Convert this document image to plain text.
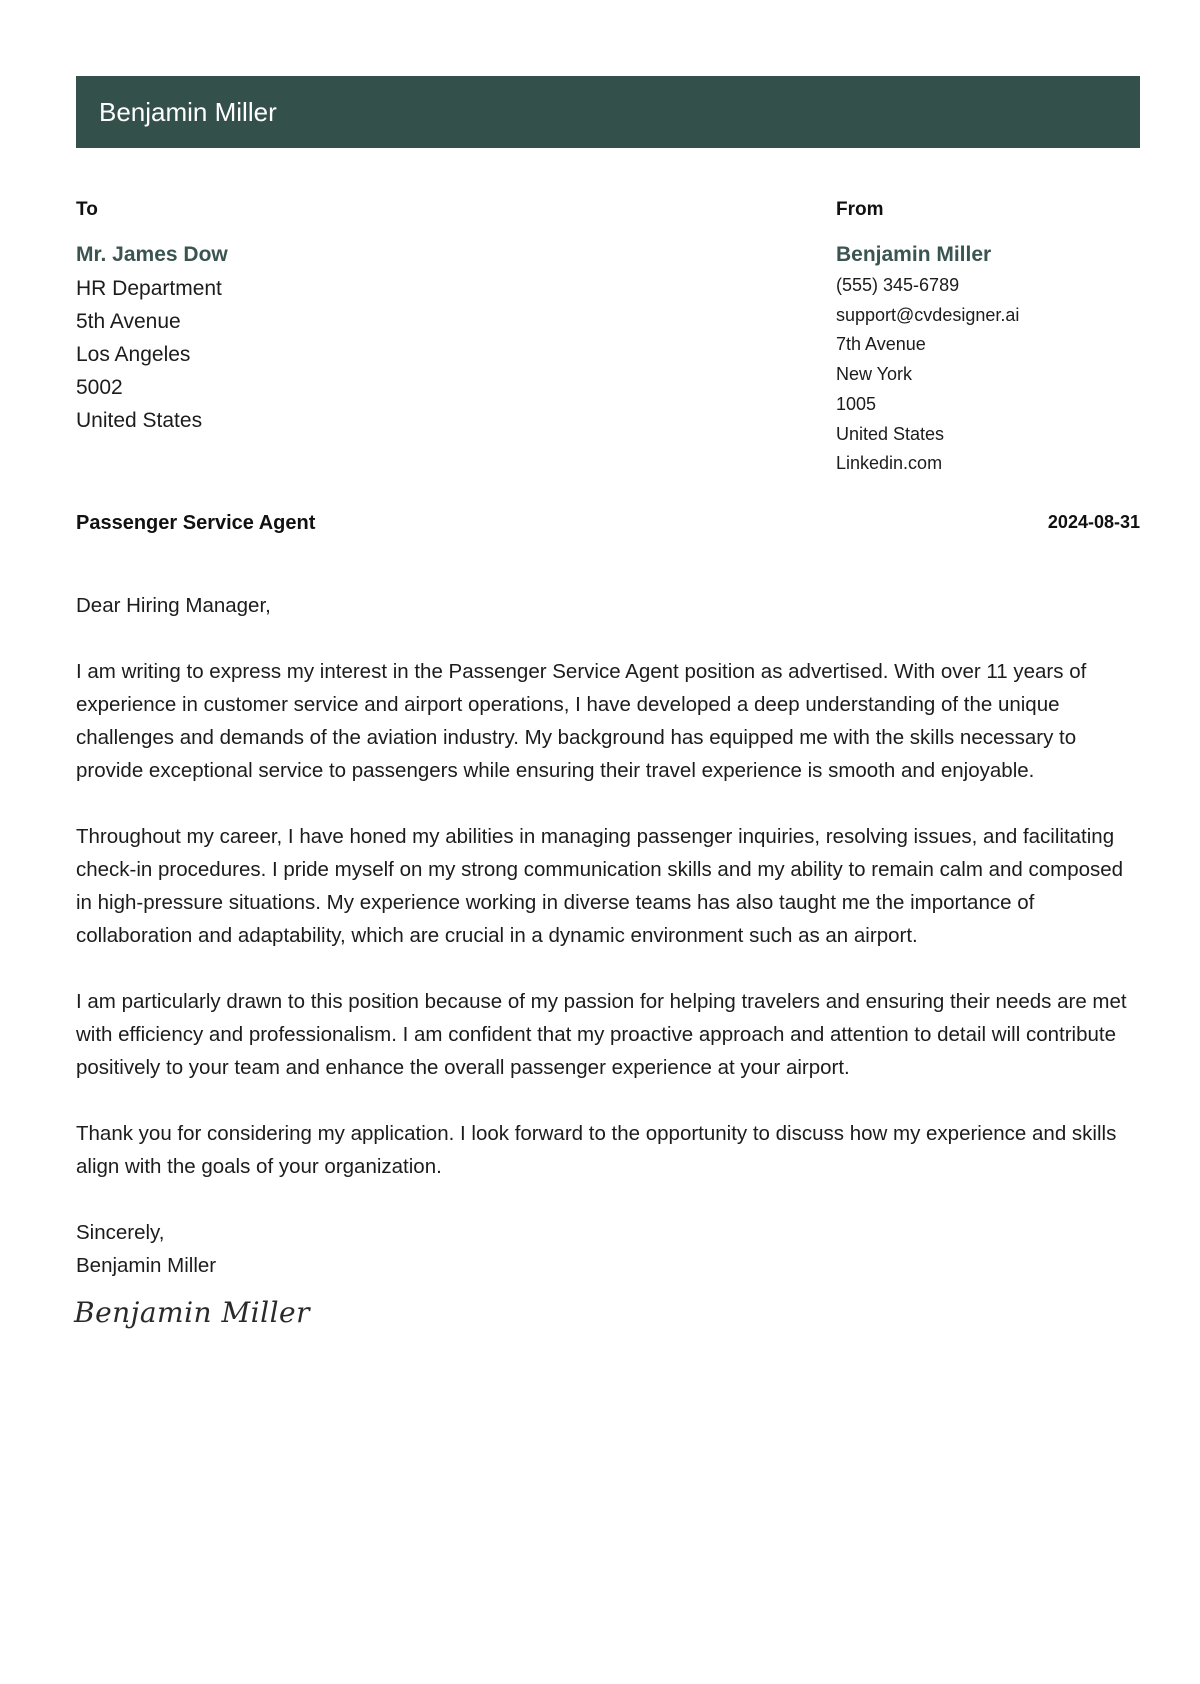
Benjamin Miller
To	From
Mr. James Dow
HR Department
5th Avenue
Los Angeles
5002
United States
Benjamin Miller
(555) 345-6789
support@cvdesigner.ai
7th Avenue
New York
1005
United States
Linkedin.com
Passenger Service Agent	2024-08-31

Dear Hiring Manager,

I am writing to express my interest in the Passenger Service Agent position as advertised. With over 11 years of experience in customer service and airport operations, I have developed a deep understanding of the unique challenges and demands of the aviation industry. My background has equipped me with the skills necessary to provide exceptional service to passengers while ensuring their travel experience is smooth and enjoyable.

Throughout my career, I have honed my abilities in managing passenger inquiries, resolving issues, and facilitating check-in procedures. I pride myself on my strong communication skills and my ability to remain calm and composed in high-pressure situations. My experience working in diverse teams has also taught me the importance of collaboration and adaptability, which are crucial in a dynamic environment such as an airport.

I am particularly drawn to this position because of my passion for helping travelers and ensuring their needs are met with efficiency and professionalism. I am confident that my proactive approach and attention to detail will contribute positively to your team and enhance the overall passenger experience at your airport.

Thank you for considering my application. I look forward to the opportunity to discuss how my experience and skills align with the goals of your organization.

Sincerely,
Benjamin Miller

Benjamin Miller
